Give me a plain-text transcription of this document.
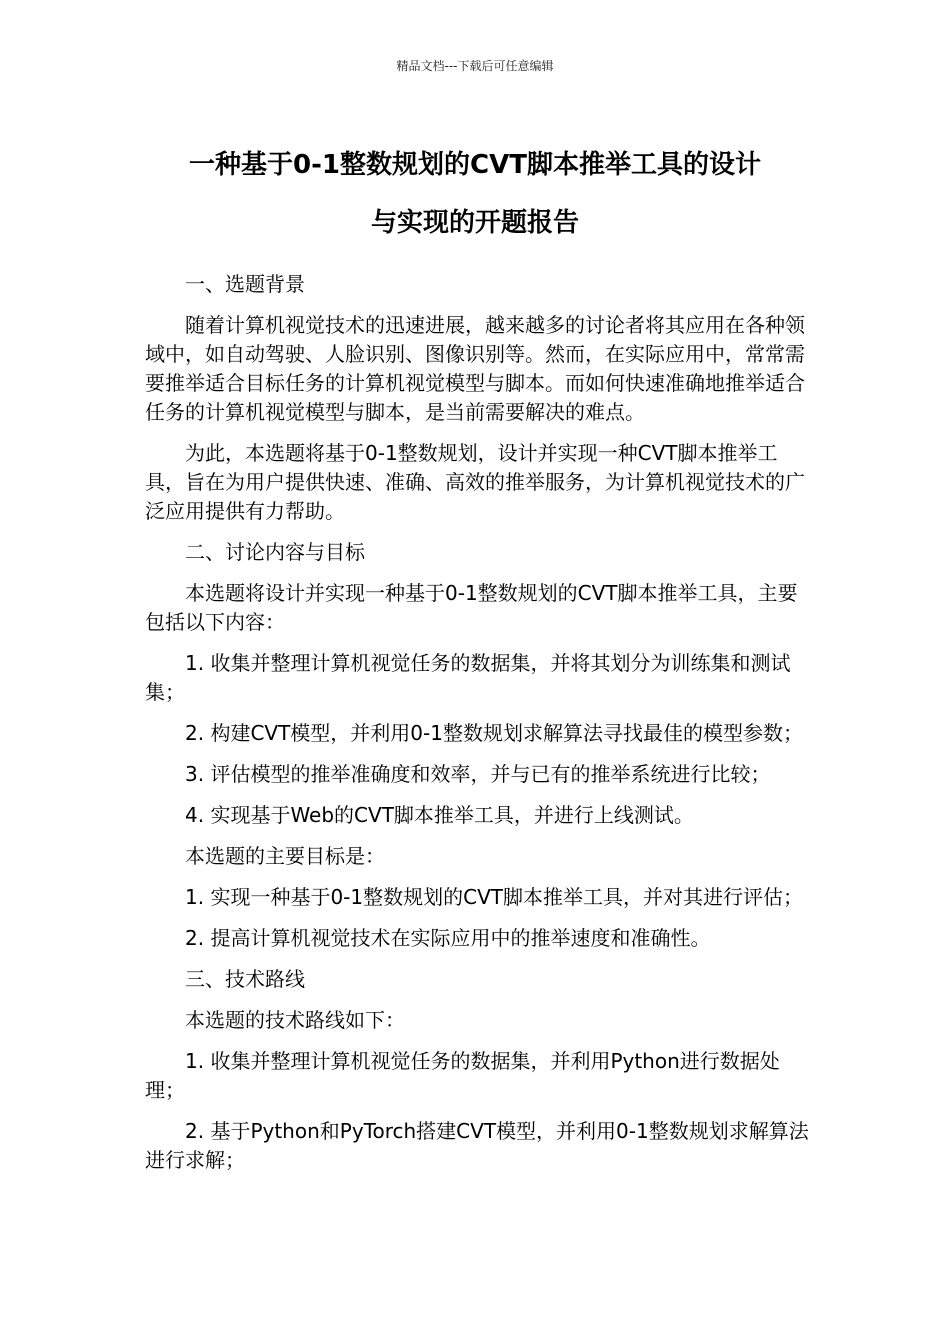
精品文档---下载后可任意编辑
一种基于0-1整数规划的CVT脚本推举工具的设计
与实现的开题报告

一、选题背景

随着计算机视觉技术的迅速进展，越来越多的讨论者将其应用在各种领域中，如自动驾驶、人脸识别、图像识别等。然而，在实际应用中，常常需要推举适合目标任务的计算机视觉模型与脚本。而如何快速准确地推举适合任务的计算机视觉模型与脚本，是当前需要解决的难点。

为此，本选题将基于0-1整数规划，设计并实现一种CVT脚本推举工具，旨在为用户提供快速、准确、高效的推举服务，为计算机视觉技术的广泛应用提供有力帮助。

二、讨论内容与目标

本选题将设计并实现一种基于0-1整数规划的CVT脚本推举工具，主要包括以下内容：

1. 收集并整理计算机视觉任务的数据集，并将其划分为训练集和测试集；

2. 构建CVT模型，并利用0-1整数规划求解算法寻找最佳的模型参数；

3. 评估模型的推举准确度和效率，并与已有的推举系统进行比较；

4. 实现基于Web的CVT脚本推举工具，并进行上线测试。

本选题的主要目标是：

1. 实现一种基于0-1整数规划的CVT脚本推举工具，并对其进行评估；

2. 提高计算机视觉技术在实际应用中的推举速度和准确性。

三、技术路线

本选题的技术路线如下：

1. 收集并整理计算机视觉任务的数据集，并利用Python进行数据处理；

2. 基于Python和PyTorch搭建CVT模型，并利用0-1整数规划求解算法进行求解；
